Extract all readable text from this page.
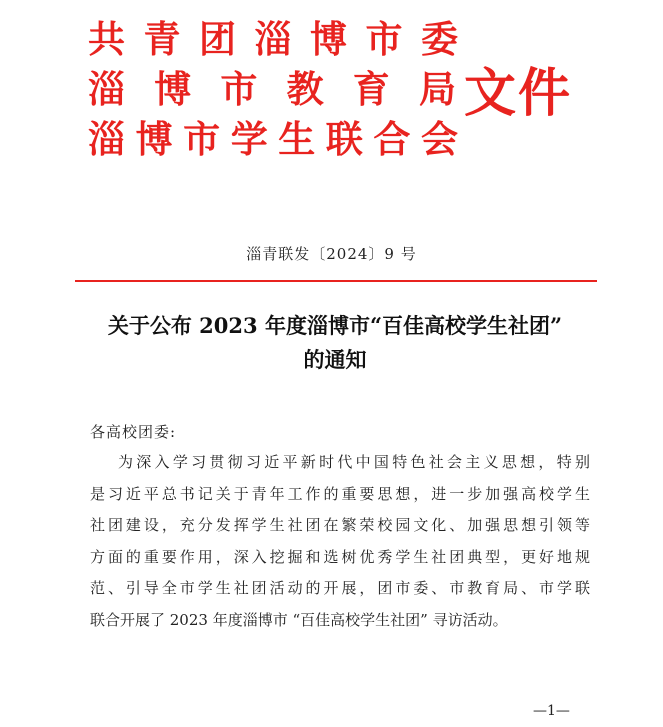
共 青 团 淄 博 市 委
淄 博 市 教 育 局
淄 博 市 学 生 联 合 会
文件
淄青联发〔2024〕9 号
关于公布 2023 年度淄博市“百佳高校学生社团”
的通知
各高校团委:
为深入学习贯彻习近平新时代中国特色社会主义思想，特别
是习近平总书记关于青年工作的重要思想，进一步加强高校学生
社团建设，充分发挥学生社团在繁荣校园文化、加强思想引领等
方面的重要作用，深入挖掘和选树优秀学生社团典型，更好地规
范、引导全市学生社团活动的开展，团市委、市教育局、市学联
联合开展了 2023 年度淄博市 “百佳高校学生社团” 寻访活动。
—1—
